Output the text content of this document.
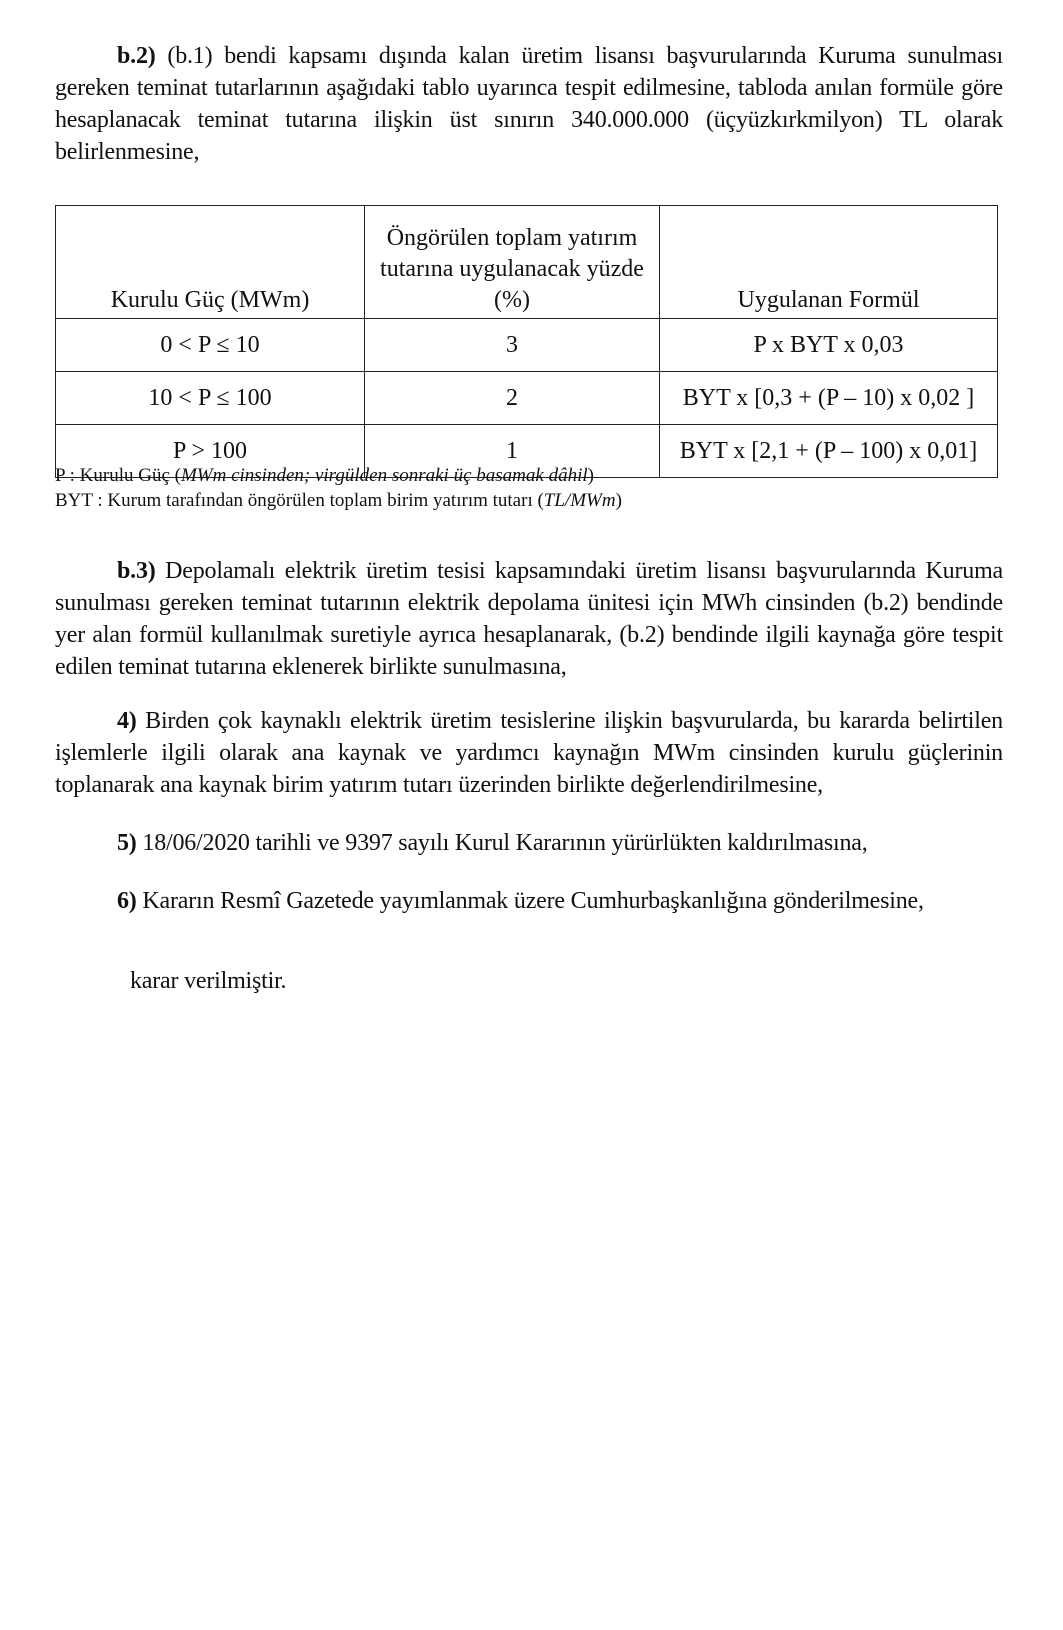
b.2) (b.1) bendi kapsamı dışında kalan üretim lisansı başvurularında Kuruma sunulması gereken teminat tutarlarının aşağıdaki tablo uyarınca tespit edilmesine, tabloda anılan formüle göre hesaplanacak teminat tutarına ilişkin üst sınırın 340.000.000 (üçyüzkırkmilyon) TL olarak belirlenmesine,
Kurulu Güç (MWm)	Öngörülen toplam yatırım tutarına uygulanacak yüzde (%)	Uygulanan Formül
0 < P ≤ 10	3	P x BYT x 0,03
10 < P ≤ 100	2	BYT x [0,3 + (P – 10) x 0,02 ]
P > 100	1	BYT x [2,1 + (P – 100) x 0,01]
P : Kurulu Güç (MWm cinsinden; virgülden sonraki üç basamak dâhil)
BYT : Kurum tarafından öngörülen toplam birim yatırım tutarı (TL/MWm)
b.3) Depolamalı elektrik üretim tesisi kapsamındaki üretim lisansı başvurularında Kuruma sunulması gereken teminat tutarının elektrik depolama ünitesi için MWh cinsinden (b.2) bendinde yer alan formül kullanılmak suretiyle ayrıca hesaplanarak, (b.2) bendinde ilgili kaynağa göre tespit edilen teminat tutarına eklenerek birlikte sunulmasına,
4) Birden çok kaynaklı elektrik üretim tesislerine ilişkin başvurularda, bu kararda belirtilen işlemlerle ilgili olarak ana kaynak ve yardımcı kaynağın MWm cinsinden kurulu güçlerinin toplanarak ana kaynak birim yatırım tutarı üzerinden birlikte değerlendirilmesine,
5) 18/06/2020 tarihli ve 9397 sayılı Kurul Kararının yürürlükten kaldırılmasına,
6) Kararın Resmî Gazetede yayımlanmak üzere Cumhurbaşkanlığına gönderilmesine,
karar verilmiştir.
